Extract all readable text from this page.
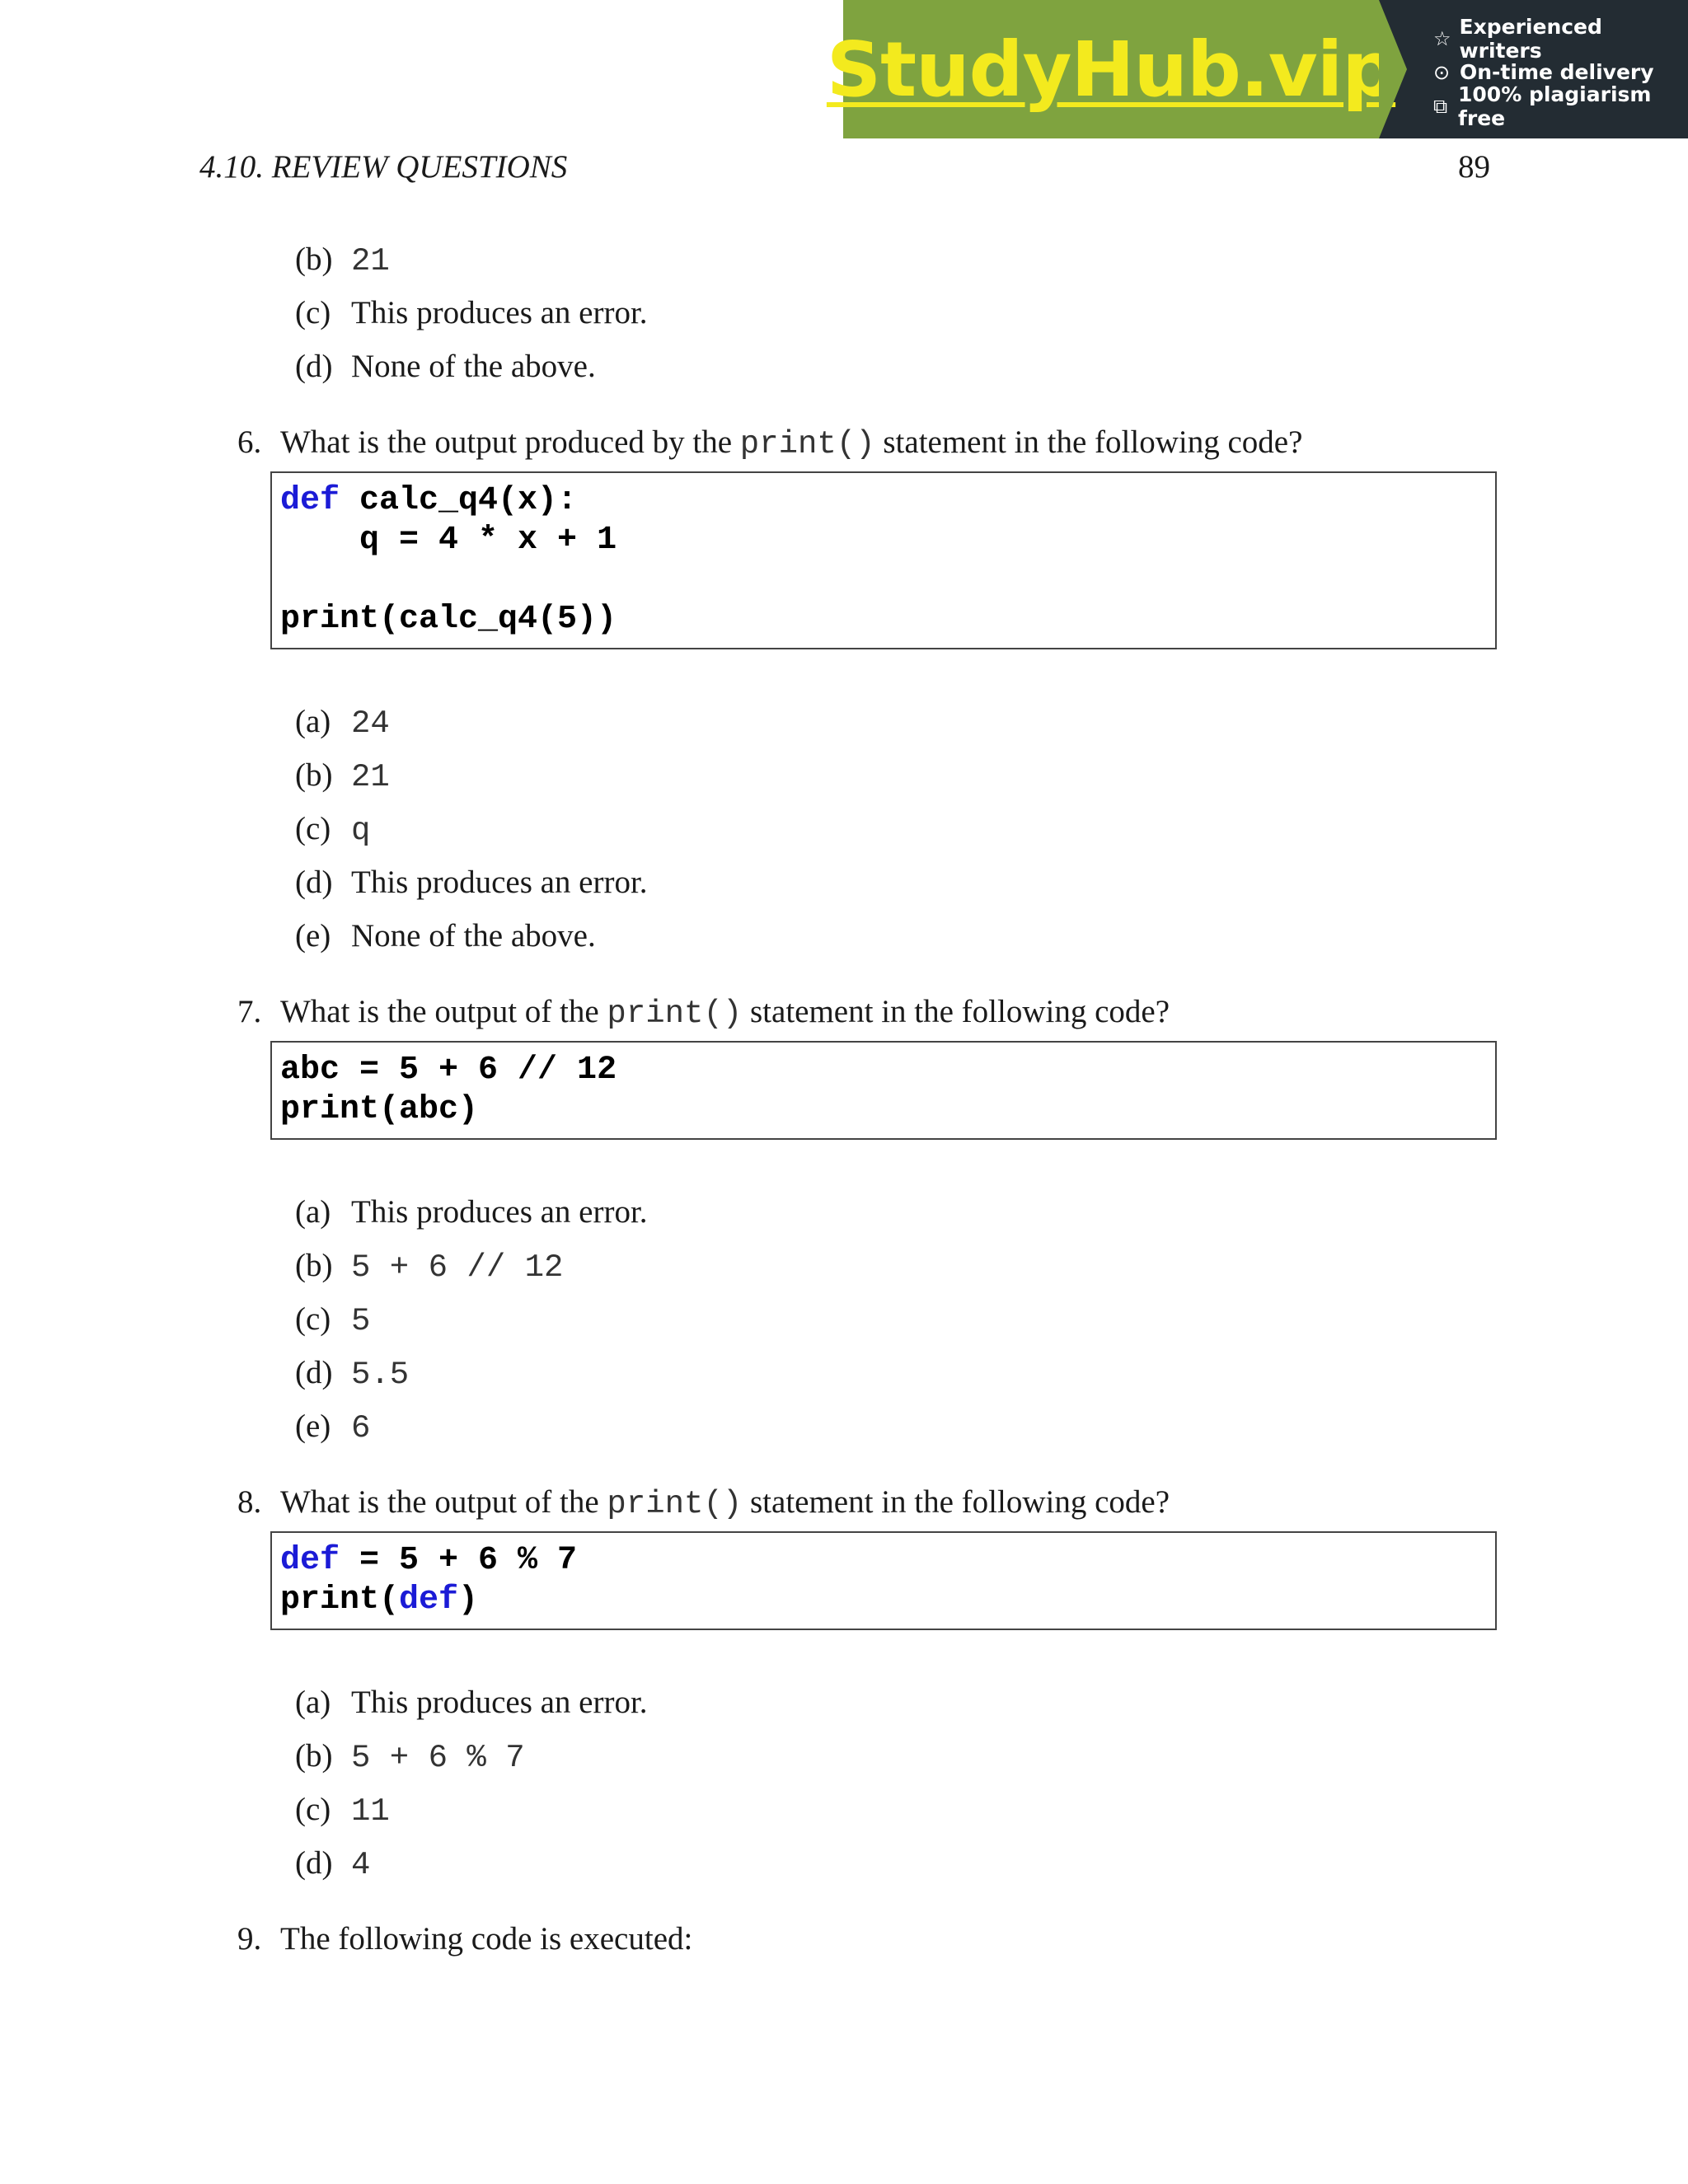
StudyHub.vip ☆ Experienced writers
⊙ On-time delivery
⧉ 100% plagiarism free
4.10. REVIEW QUESTIONS	89
(b) 21
(c) This produces an error.
(d) None of the above.
6. What is the output produced by the print() statement in the following code?
def calc_q4(x):
q = 4 * x + 1
print(calc_q4(5))
(a) 24
(b) 21
(c) q
(d) This produces an error.
(e) None of the above.
7. What is the output of the print() statement in the following code?
abc = 5 + 6 // 12
print(abc)
(a) This produces an error.
(b) 5 + 6 // 12
(c) 5
(d) 5.5
(e) 6
8. What is the output of the print() statement in the following code?
def = 5 + 6 % 7
print(def)
(a) This produces an error.
(b) 5 + 6 % 7
(c) 11
(d) 4
9. The following code is executed:
